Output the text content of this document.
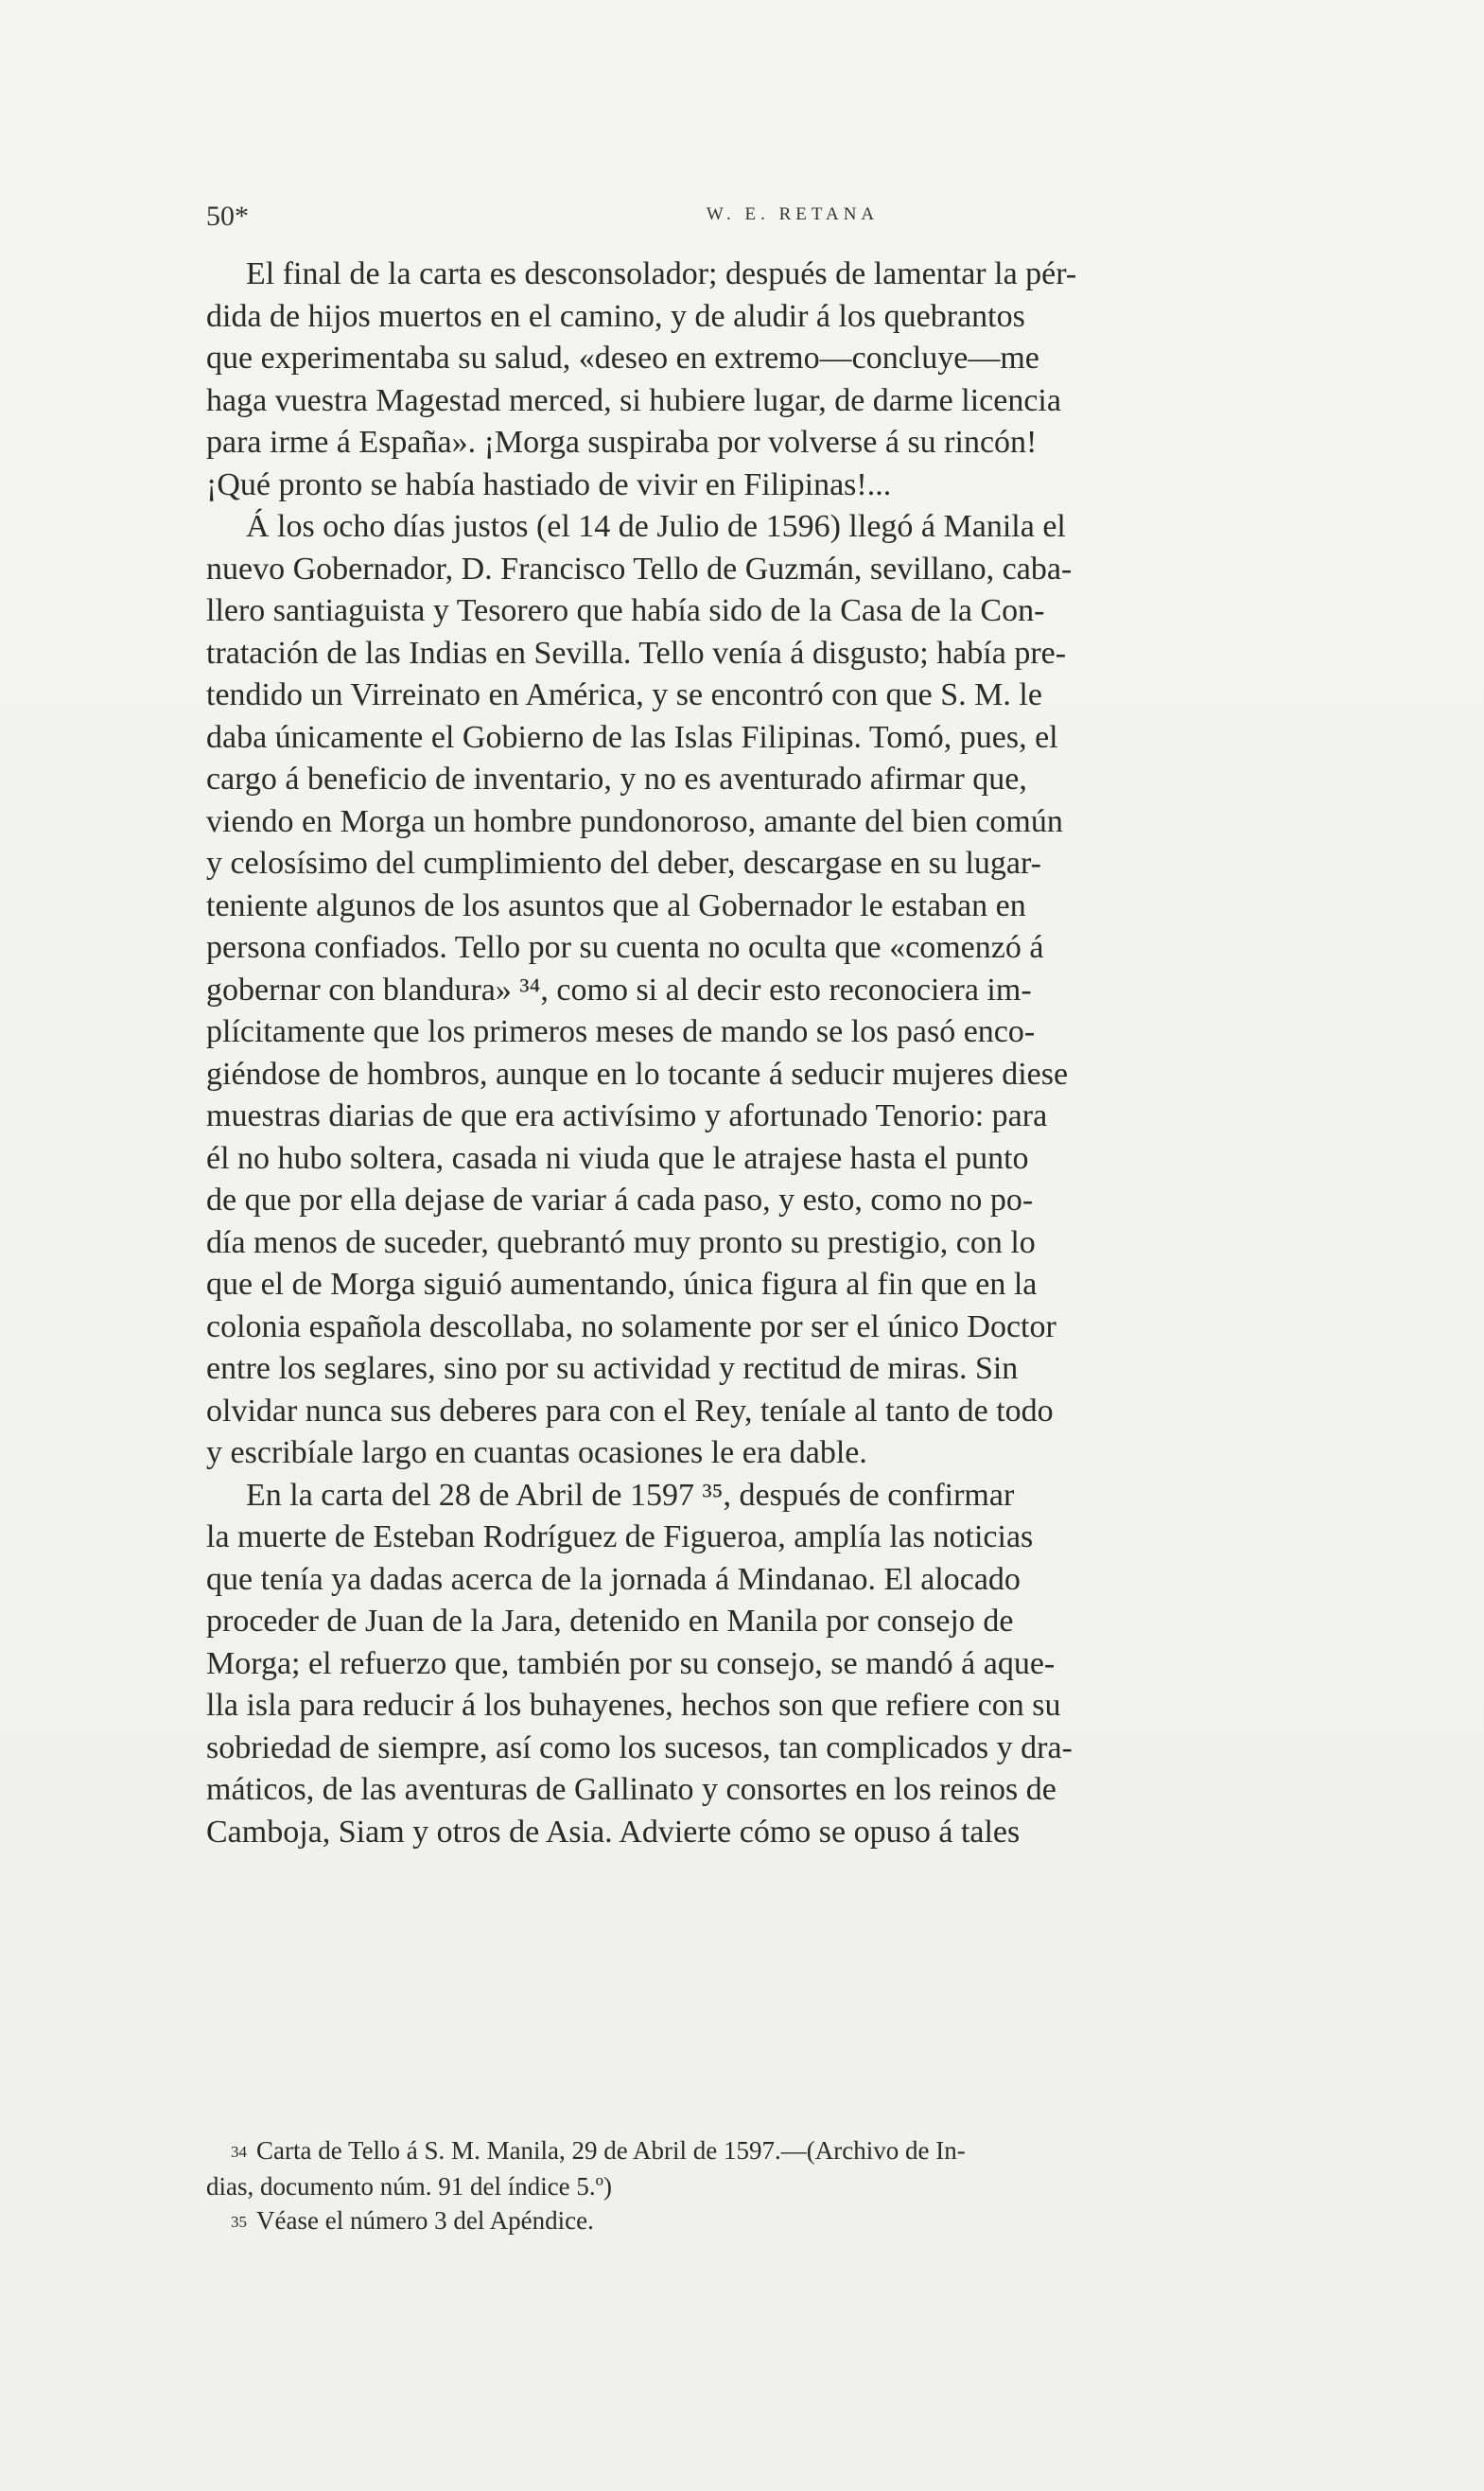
50*	W. E. RETANA

El final de la carta es desconsolador; después de lamentar la pér-
dida de hijos muertos en el camino, y de aludir á los quebrantos
que experimentaba su salud, «deseo en extremo—concluye—me
haga vuestra Magestad merced, si hubiere lugar, de darme licencia
para irme á España». ¡Morga suspiraba por volverse á su rincón!
¡Qué pronto se había hastiado de vivir en Filipinas!...

Á los ocho días justos (el 14 de Julio de 1596) llegó á Manila el
nuevo Gobernador, D. Francisco Tello de Guzmán, sevillano, caba-
llero santiaguista y Tesorero que había sido de la Casa de la Con-
tratación de las Indias en Sevilla. Tello venía á disgusto; había pre-
tendido un Virreinato en América, y se encontró con que S. M. le
daba únicamente el Gobierno de las Islas Filipinas. Tomó, pues, el
cargo á beneficio de inventario, y no es aventurado afirmar que,
viendo en Morga un hombre pundonoroso, amante del bien común
y celosísimo del cumplimiento del deber, descargase en su lugar-
teniente algunos de los asuntos que al Gobernador le estaban en
persona confiados. Tello por su cuenta no oculta que «comenzó á
gobernar con blandura» ³⁴, como si al decir esto reconociera im-
plícitamente que los primeros meses de mando se los pasó enco-
giéndose de hombros, aunque en lo tocante á seducir mujeres diese
muestras diarias de que era activísimo y afortunado Tenorio: para
él no hubo soltera, casada ni viuda que le atrajese hasta el punto
de que por ella dejase de variar á cada paso, y esto, como no po-
día menos de suceder, quebrantó muy pronto su prestigio, con lo
que el de Morga siguió aumentando, única figura al fin que en la
colonia española descollaba, no solamente por ser el único Doctor
entre los seglares, sino por su actividad y rectitud de miras. Sin
olvidar nunca sus deberes para con el Rey, teníale al tanto de todo
y escribíale largo en cuantas ocasiones le era dable.

En la carta del 28 de Abril de 1597 ³⁵, después de confirmar
la muerte de Esteban Rodríguez de Figueroa, amplía las noticias
que tenía ya dadas acerca de la jornada á Mindanao. El alocado
proceder de Juan de la Jara, detenido en Manila por consejo de
Morga; el refuerzo que, también por su consejo, se mandó á aque-
lla isla para reducir á los buhayenes, hechos son que refiere con su
sobriedad de siempre, así como los sucesos, tan complicados y dra-
máticos, de las aventuras de Gallinato y consortes en los reinos de
Camboja, Siam y otros de Asia. Advierte cómo se opuso á tales

34 Carta de Tello á S. M. Manila, 29 de Abril de 1597.—(Archivo de In-
dias, documento núm. 91 del índice 5.º)
35 Véase el número 3 del Apéndice.
